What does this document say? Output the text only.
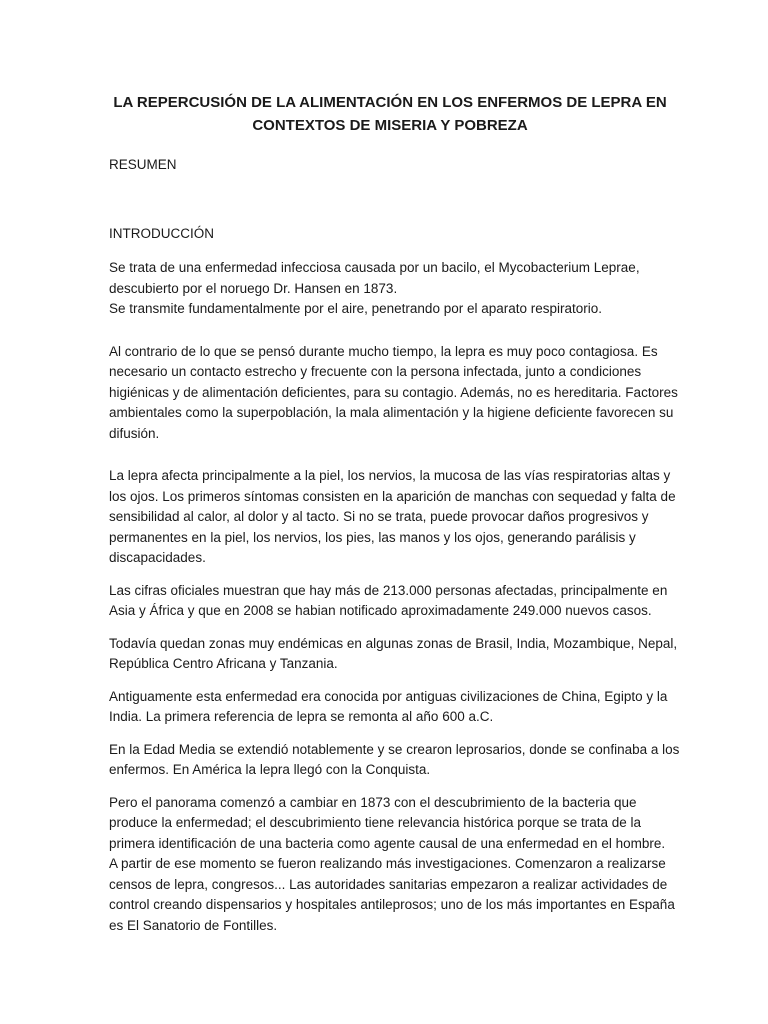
LA REPERCUSIÓN DE LA ALIMENTACIÓN EN LOS ENFERMOS DE LEPRA EN
CONTEXTOS DE MISERIA Y POBREZA
RESUMEN
INTRODUCCIÓN

Se trata de una enfermedad infecciosa causada por un bacilo, el Mycobacterium Leprae,
descubierto por el noruego Dr. Hansen en 1873.
Se transmite fundamentalmente por el aire, penetrando por el aparato respiratorio.

Al contrario de lo que se pensó durante mucho tiempo, la lepra es muy poco contagiosa. Es
necesario un contacto estrecho y frecuente con la persona infectada, junto a condiciones
higiénicas y de alimentación deficientes, para su contagio. Además, no es hereditaria. Factores
ambientales como la superpoblación, la mala alimentación y la higiene deficiente favorecen su
difusión.

La lepra afecta principalmente a la piel, los nervios, la mucosa de las vías respiratorias altas y
los ojos. Los primeros síntomas consisten en la aparición de manchas con sequedad y falta de
sensibilidad al calor, al dolor y al tacto. Si no se trata, puede provocar daños progresivos y
permanentes en la piel, los nervios, los pies, las manos y los ojos, generando parálisis y
discapacidades.

Las cifras oficiales muestran que hay más de 213.000 personas afectadas, principalmente en
Asia y África y que en 2008 se habian notificado aproximadamente 249.000 nuevos casos.

Todavía quedan zonas muy endémicas en algunas zonas de Brasil, India, Mozambique, Nepal,
República Centro Africana y Tanzania.

Antiguamente esta enfermedad era conocida por antiguas civilizaciones de China, Egipto y la
India. La primera referencia de lepra se remonta al año 600 a.C.

En la Edad Media se extendió notablemente y se crearon leprosarios, donde se confinaba a los
enfermos. En América la lepra llegó con la Conquista.

Pero el panorama comenzó a cambiar en 1873 con el descubrimiento de la bacteria que
produce la enfermedad; el descubrimiento tiene relevancia histórica porque se trata de la
primera identificación de una bacteria como agente causal de una enfermedad en el hombre.
A partir de ese momento se fueron realizando más investigaciones. Comenzaron a realizarse
censos de lepra, congresos... Las autoridades sanitarias empezaron a realizar actividades de
control creando dispensarios y hospitales antileprosos; uno de los más importantes en España
es El Sanatorio de Fontilles.
